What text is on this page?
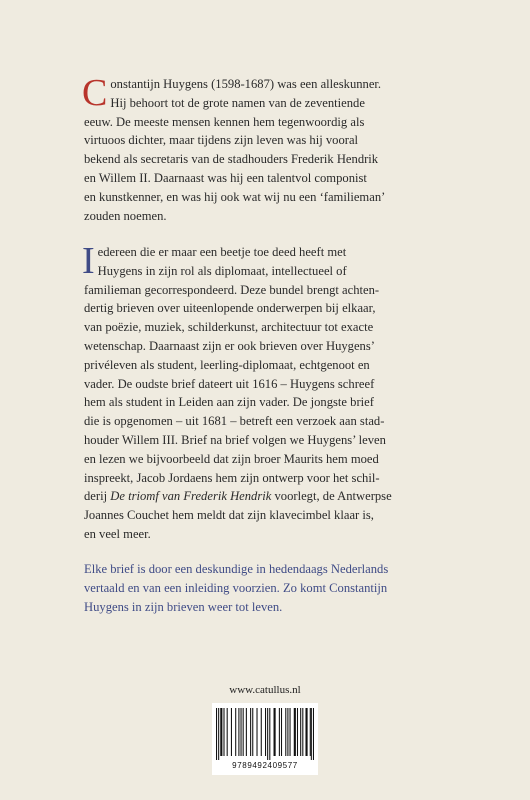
C onstantijn Huygens (1598-1687) was een alleskunner.
Hij behoort tot de grote namen van de zeventiende
eeuw. De meeste mensen kennen hem tegenwoordig als
virtuoos dichter, maar tijdens zijn leven was hij vooral
bekend als secretaris van de stadhouders Frederik Hendrik
en Willem II. Daarnaast was hij een talentvol componist
en kunstkenner, en was hij ook wat wij nu een ‘familieman’
zouden noemen.
I edereen die er maar een beetje toe deed heeft met
Huygens in zijn rol als diplomaat, intellectueel of
familieman gecorrespondeerd. Deze bundel brengt achten-
dertig brieven over uiteenlopende onderwerpen bij elkaar,
van poëzie, muziek, schilderkunst, architectuur tot exacte
wetenschap. Daarnaast zijn er ook brieven over Huygens’
privéleven als student, leerling-diplomaat, echtgenoot en
vader. De oudste brief dateert uit 1616 – Huygens schreef
hem als student in Leiden aan zijn vader. De jongste brief
die is opgenomen – uit 1681 – betreft een verzoek aan stad-
houder Willem III. Brief na brief volgen we Huygens’ leven
en lezen we bijvoorbeeld dat zijn broer Maurits hem moed
inspreekt, Jacob Jordaens hem zijn ontwerp voor het schil-
derij De triomf van Frederik Hendrik voorlegt, de Antwerpse
Joannes Couchet hem meldt dat zijn klavecimbel klaar is,
en veel meer.
Elke brief is door een deskundige in hedendaags Nederlands
vertaald en van een inleiding voorzien. Zo komt Constantijn
Huygens in zijn brieven weer tot leven.
www.catullus.nl
9789492409577
